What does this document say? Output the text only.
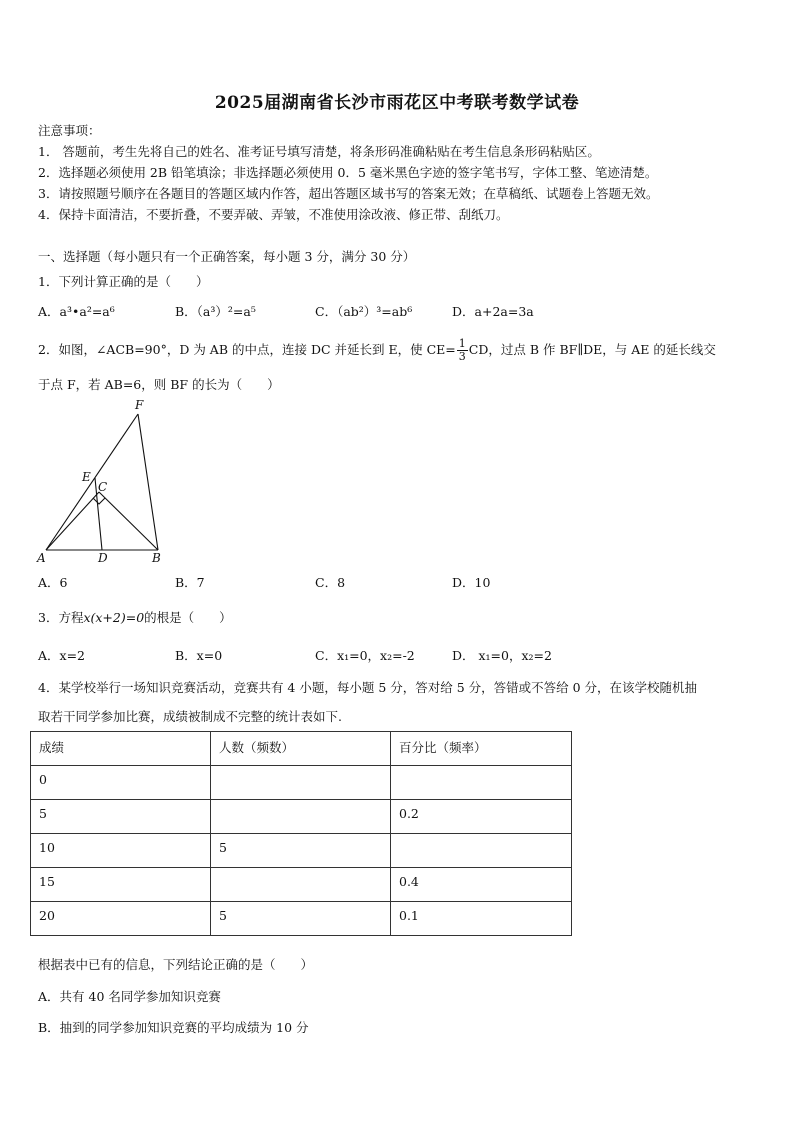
2025届湖南省长沙市雨花区中考联考数学试卷
注意事项：
1． 答题前，考生先将自己的姓名、准考证号填写清楚，将条形码准确粘贴在考生信息条形码粘贴区。
2．选择题必须使用 2B 铅笔填涂；非选择题必须使用 0．5 毫米黑色字迹的签字笔书写，字体工整、笔迹清楚。
3．请按照题号顺序在各题目的答题区域内作答，超出答题区域书写的答案无效；在草稿纸、试题卷上答题无效。
4．保持卡面清洁，不要折叠，不要弄破、弄皱，不准使用涂改液、修正带、刮纸刀。
一、选择题（每小题只有一个正确答案，每小题 3 分，满分 30 分）
1．下列计算正确的是（　　）
A．a³•a²=a⁶	B．（a³）²=a⁵	C．（ab²）³=ab⁶	D．a+2a=3a
2．如图，∠ACB=90°，D 为 AB 的中点，连接 DC 并延长到 E，使 $CE= \frac{1}{3}$ CD，过点 B 作 BF∥DE，与 AE 的延长线交
于点 F，若 AB=6，则 BF 的长为（　　）
F
E
C
A	D	B
A．6	B．7	C．8	D．10
3．方程x(x+2)=0的根是（　　）
A．x=2	B．x=0	C．x₁=0，x₂=-2	D． x₁=0，x₂=2
4．某学校举行一场知识竞赛活动，竞赛共有 4 小题，每小题 5 分，答对给 5 分，答错或不答给 0 分，在该学校随机抽
取若干同学参加比赛，成绩被制成不完整的统计表如下.
成绩	人数（频数）	百分比（频率）
0		
5		0.2
10	5	
15		0.4
20	5	0.1
根据表中已有的信息，下列结论正确的是（　　）
A．共有 40 名同学参加知识竞赛
B．抽到的同学参加知识竞赛的平均成绩为 10 分
